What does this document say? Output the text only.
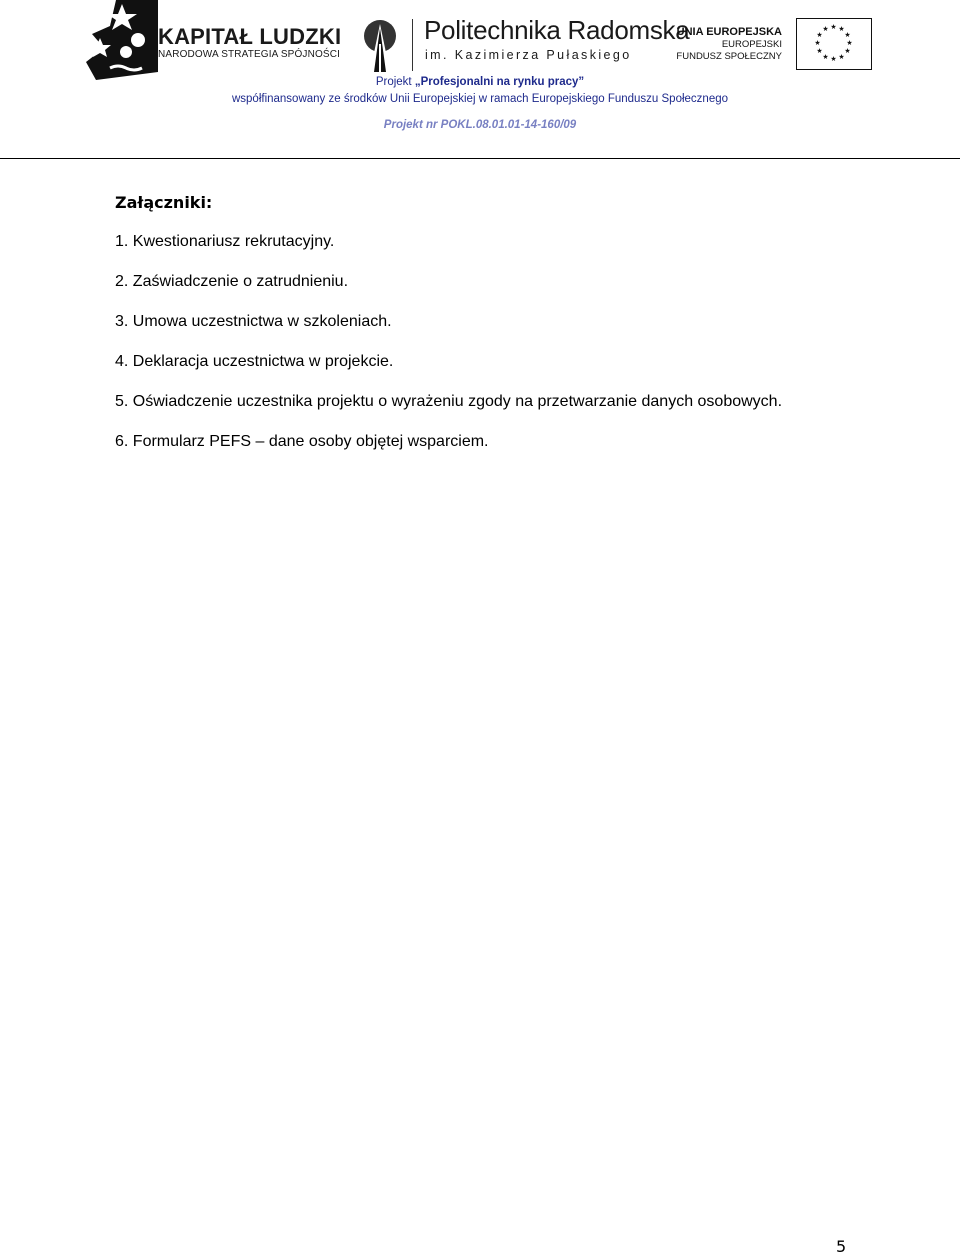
KAPITAŁ LUDZKI
NARODOWA STRATEGIA SPÓJNOŚCI
Politechnika Radomska
im. Kazimierza Pułaskiego
UNIA EUROPEJSKA
EUROPEJSKI
FUNDUSZ SPOŁECZNY
★ ★
★
★
★
★
★
★
★
★
★
★
Projekt „Profesjonalni na rynku pracy”
współfinansowany ze środków Unii Europejskiej w ramach Europejskiego Funduszu Społecznego
Projekt nr POKL.08.01.01-14-160/09
Załączniki:
1. Kwestionariusz rekrutacyjny.
2. Zaświadczenie o zatrudnieniu.
3. Umowa uczestnictwa w szkoleniach.
4. Deklaracja uczestnictwa w projekcie.
5. Oświadczenie uczestnika projektu o wyrażeniu zgody na przetwarzanie danych osobowych.
6. Formularz PEFS – dane osoby objętej wsparciem.
5
